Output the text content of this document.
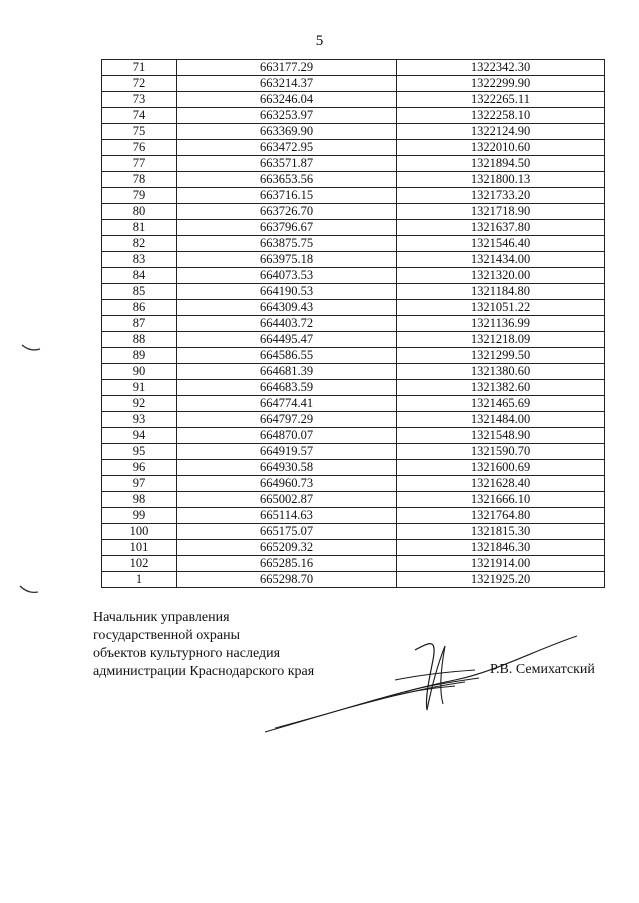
5
71	663177.29	1322342.30
72	663214.37	1322299.90
73	663246.04	1322265.11
74	663253.97	1322258.10
75	663369.90	1322124.90
76	663472.95	1322010.60
77	663571.87	1321894.50
78	663653.56	1321800.13
79	663716.15	1321733.20
80	663726.70	1321718.90
81	663796.67	1321637.80
82	663875.75	1321546.40
83	663975.18	1321434.00
84	664073.53	1321320.00
85	664190.53	1321184.80
86	664309.43	1321051.22
87	664403.72	1321136.99
88	664495.47	1321218.09
89	664586.55	1321299.50
90	664681.39	1321380.60
91	664683.59	1321382.60
92	664774.41	1321465.69
93	664797.29	1321484.00
94	664870.07	1321548.90
95	664919.57	1321590.70
96	664930.58	1321600.69
97	664960.73	1321628.40
98	665002.87	1321666.10
99	665114.63	1321764.80
100	665175.07	1321815.30
101	665209.32	1321846.30
102	665285.16	1321914.00
1	665298.70	1321925.20
Начальник управления
государственной охраны
объектов культурного наследия
администрации Краснодарского края	Р.В. Семихатский
